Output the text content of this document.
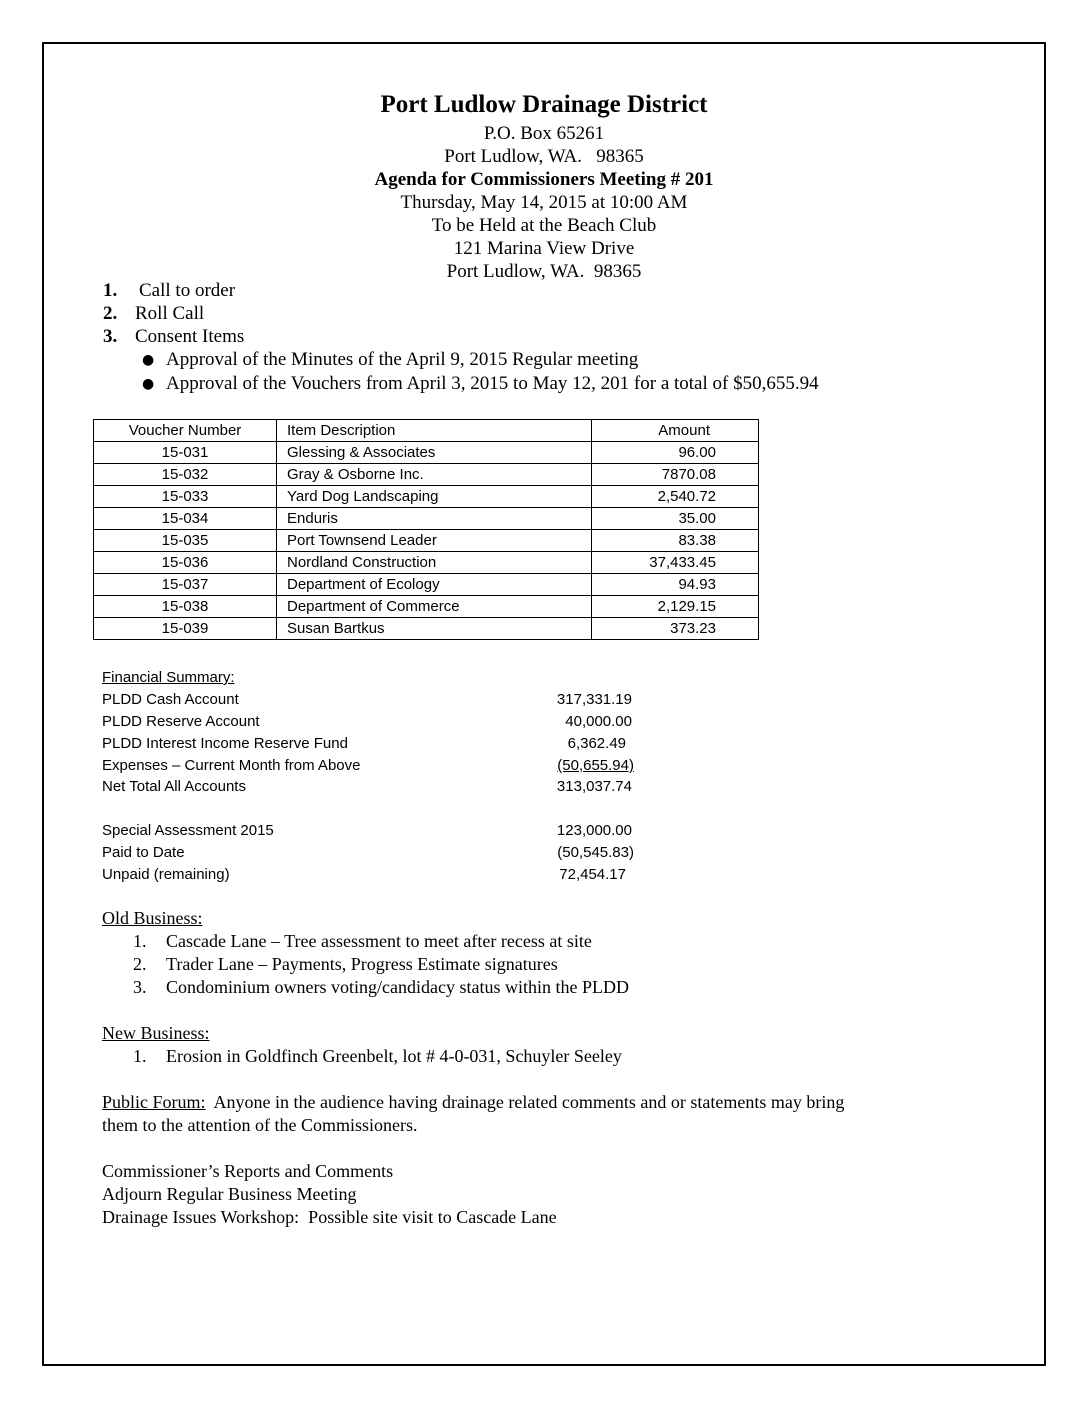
Port Ludlow Drainage District
P.O. Box 65261
Port Ludlow, WA.   98365
Agenda for Commissioners Meeting # 201
Thursday, May 14, 2015 at 10:00 AM
To be Held at the Beach Club
121 Marina View Drive
Port Ludlow, WA.  98365
1. Call to order
2. Roll Call
3. Consent Items
● Approval of the Minutes of the April 9, 2015 Regular meeting
● Approval of the Vouchers from April 3, 2015 to May 12, 201 for a total of $50,655.94
Voucher Number	Item Description	Amount
15-031	Glessing & Associates	96.00
15-032	Gray & Osborne Inc.	7870.08
15-033	Yard Dog Landscaping	2,540.72
15-034	Enduris	35.00
15-035	Port Townsend Leader	83.38
15-036	Nordland Construction	37,433.45
15-037	Department of Ecology	94.93
15-038	Department of Commerce	2,129.15
15-039	Susan Bartkus	373.23
Financial Summary:
PLDD Cash Account	317,331.19
PLDD Reserve Account	40,000.00
PLDD Interest Income Reserve Fund	6,362.49
Expenses – Current Month from Above	(50,655.94)
Net Total All Accounts	313,037.74
Special Assessment 2015	123,000.00
Paid to Date	(50,545.83)
Unpaid (remaining)	72,454.17
Old Business:
1. Cascade Lane – Tree assessment to meet after recess at site
2. Trader Lane – Payments, Progress Estimate signatures
3. Condominium owners voting/candidacy status within the PLDD
New Business:
1. Erosion in Goldfinch Greenbelt, lot # 4-0-031, Schuyler Seeley
Public Forum:  Anyone in the audience having drainage related comments and or statements may bring
them to the attention of the Commissioners.
Commissioner’s Reports and Comments
Adjourn Regular Business Meeting
Drainage Issues Workshop:  Possible site visit to Cascade Lane
